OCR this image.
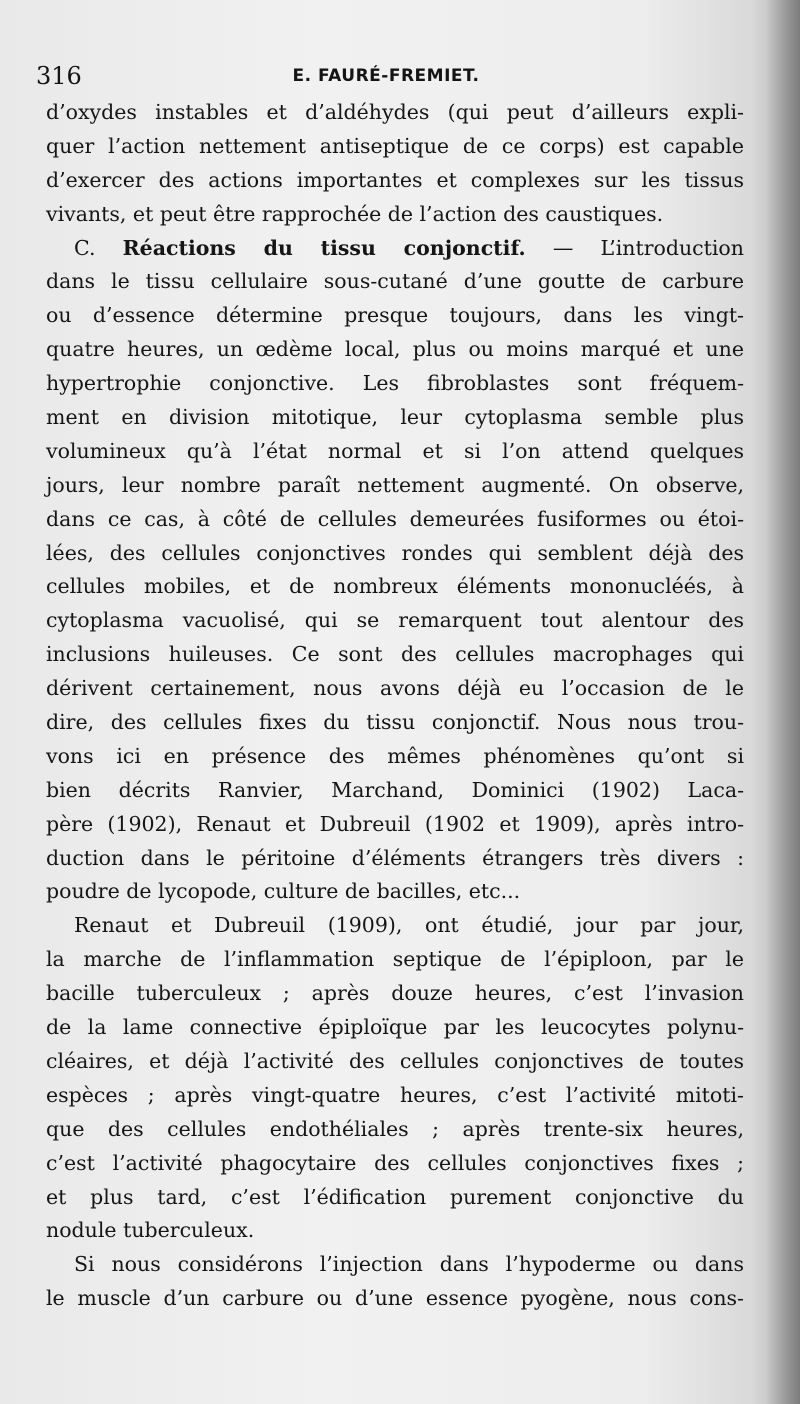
316	E. FAURÉ-FREMIET.
d’oxydes instables et d’aldéhydes (qui peut d’ailleurs expli-
quer l’action nettement antiseptique de ce corps) est capable
d’exercer des actions importantes et complexes sur les tissus
vivants, et peut être rapprochée de l’action des caustiques.
C. Réactions du tissu conjonctif. — L’introduction
dans le tissu cellulaire sous-cutané d’une goutte de carbure
ou d’essence détermine presque toujours, dans les vingt-
quatre heures, un œdème local, plus ou moins marqué et une
hypertrophie conjonctive. Les fibroblastes sont fréquem-
ment en division mitotique, leur cytoplasma semble plus
volumineux qu’à l’état normal et si l’on attend quelques
jours, leur nombre paraît nettement augmenté. On observe,
dans ce cas, à côté de cellules demeurées fusiformes ou étoi-
lées, des cellules conjonctives rondes qui semblent déjà des
cellules mobiles, et de nombreux éléments mononucléés, à
cytoplasma vacuolisé, qui se remarquent tout alentour des
inclusions huileuses. Ce sont des cellules macrophages qui
dérivent certainement, nous avons déjà eu l’occasion de le
dire, des cellules fixes du tissu conjonctif. Nous nous trou-
vons ici en présence des mêmes phénomènes qu’ont si
bien décrits Ranvier, Marchand, Dominici (1902) Laca-
père (1902), Renaut et Dubreuil (1902 et 1909), après intro-
duction dans le péritoine d’éléments étrangers très divers :
poudre de lycopode, culture de bacilles, etc...
Renaut et Dubreuil (1909), ont étudié, jour par jour,
la marche de l’inflammation septique de l’épiploon, par le
bacille tuberculeux ; après douze heures, c’est l’invasion
de la lame connective épiploïque par les leucocytes polynu-
cléaires, et déjà l’activité des cellules conjonctives de toutes
espèces ; après vingt-quatre heures, c’est l’activité mitoti-
que des cellules endothéliales ; après trente-six heures,
c’est l’activité phagocytaire des cellules conjonctives fixes ;
et plus tard, c’est l’édification purement conjonctive du
nodule tuberculeux.
Si nous considérons l’injection dans l’hypoderme ou dans
le muscle d’un carbure ou d’une essence pyogène, nous cons-
